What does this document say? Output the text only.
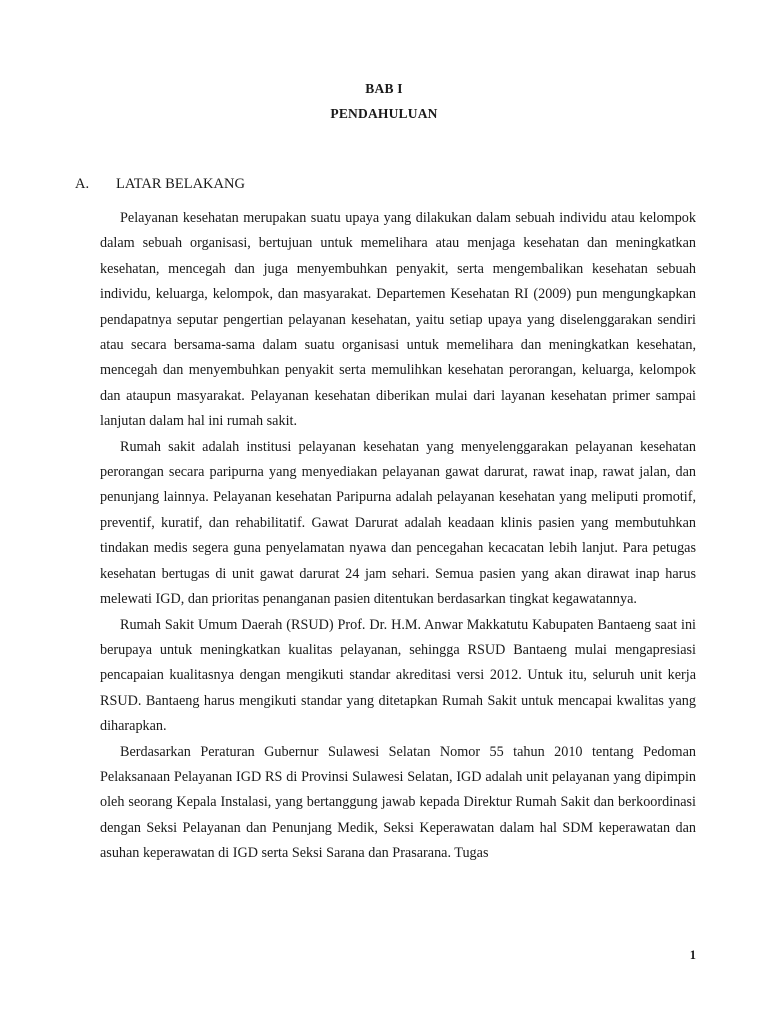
BAB I
PENDAHULUAN
A. LATAR BELAKANG

Pelayanan kesehatan merupakan suatu upaya yang dilakukan dalam sebuah individu atau kelompok dalam sebuah organisasi, bertujuan untuk memelihara atau menjaga kesehatan dan meningkatkan kesehatan, mencegah dan juga menyembuhkan penyakit, serta mengembalikan kesehatan sebuah individu, keluarga, kelompok, dan masyarakat. Departemen Kesehatan RI (2009) pun mengungkapkan pendapatnya seputar pengertian pelayanan kesehatan, yaitu setiap upaya yang diselenggarakan sendiri atau secara bersama-sama dalam suatu organisasi untuk memelihara dan meningkatkan kesehatan, mencegah dan menyembuhkan penyakit serta memulihkan kesehatan perorangan, keluarga, kelompok dan ataupun masyarakat. Pelayanan kesehatan diberikan mulai dari layanan kesehatan primer sampai lanjutan dalam hal ini rumah sakit.

Rumah sakit adalah institusi pelayanan kesehatan yang menyelenggarakan pelayanan kesehatan perorangan secara paripurna yang menyediakan pelayanan gawat darurat, rawat inap, rawat jalan, dan penunjang lainnya. Pelayanan kesehatan Paripurna adalah pelayanan kesehatan yang meliputi promotif, preventif, kuratif, dan rehabilitatif. Gawat Darurat adalah keadaan klinis pasien yang membutuhkan tindakan medis segera guna penyelamatan nyawa dan pencegahan kecacatan lebih lanjut. Para petugas kesehatan bertugas di unit gawat darurat 24 jam sehari. Semua pasien yang akan dirawat inap harus melewati IGD, dan prioritas penanganan pasien ditentukan berdasarkan tingkat kegawatannya.

Rumah Sakit Umum Daerah (RSUD) Prof. Dr. H.M. Anwar Makkatutu Kabupaten Bantaeng saat ini berupaya untuk meningkatkan kualitas pelayanan, sehingga RSUD Bantaeng mulai mengapresiasi pencapaian kualitasnya dengan mengikuti standar akreditasi versi 2012. Untuk itu, seluruh unit kerja RSUD. Bantaeng harus mengikuti standar yang ditetapkan Rumah Sakit untuk mencapai kwalitas yang diharapkan.

Berdasarkan Peraturan Gubernur Sulawesi Selatan Nomor 55 tahun 2010 tentang Pedoman Pelaksanaan Pelayanan IGD RS di Provinsi Sulawesi Selatan, IGD adalah unit pelayanan yang dipimpin oleh seorang Kepala Instalasi, yang bertanggung jawab kepada Direktur Rumah Sakit dan berkoordinasi dengan Seksi Pelayanan dan Penunjang Medik, Seksi Keperawatan dalam hal SDM keperawatan dan asuhan keperawatan di IGD serta Seksi Sarana dan Prasarana. Tugas

1
